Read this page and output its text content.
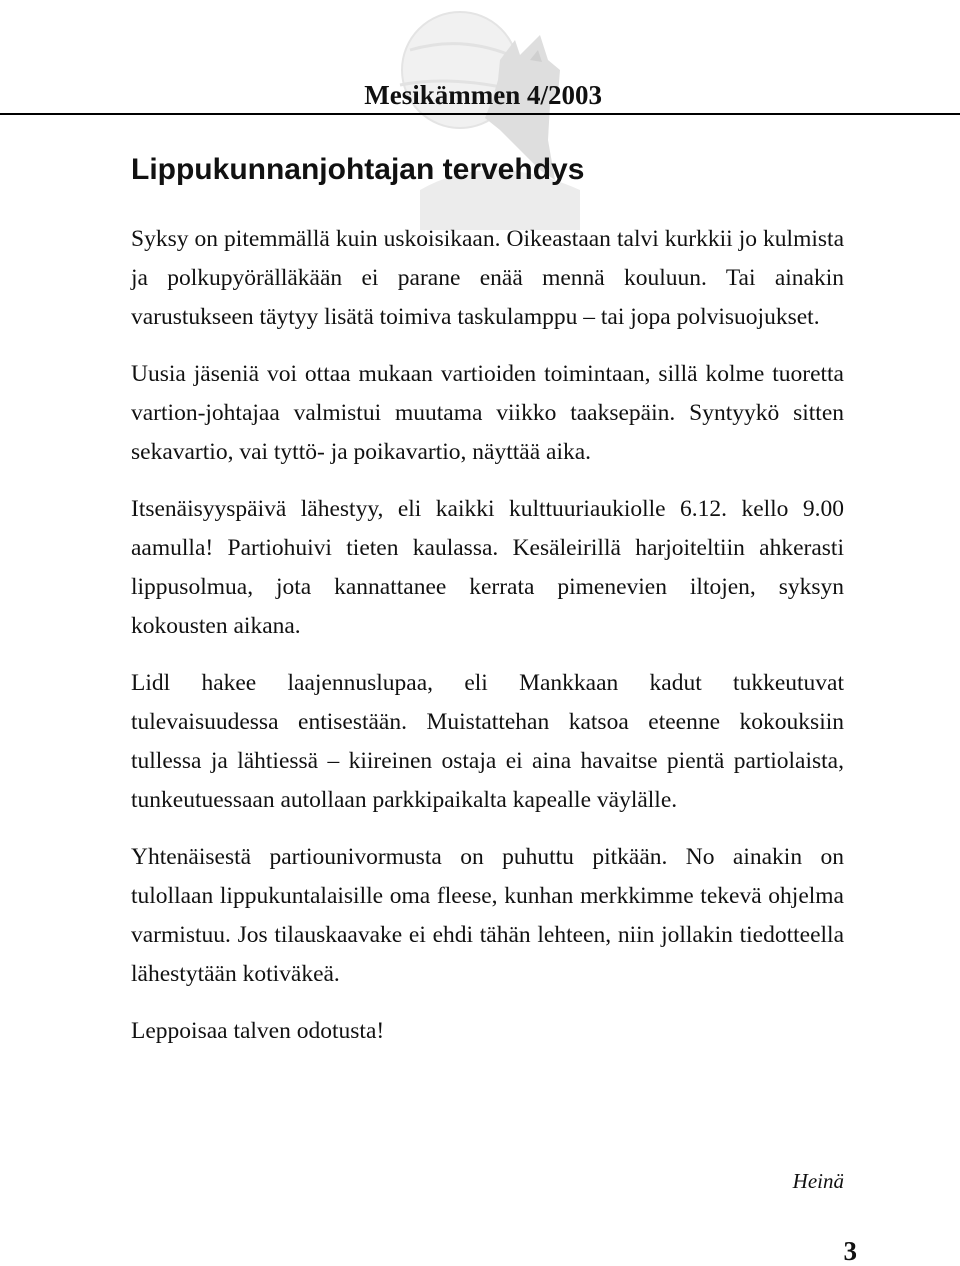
Mesikämmen 4/2003
Lippukunnanjohtajan tervehdys

Syksy on pitemmällä kuin uskoisikaan. Oikeastaan talvi kurkkii jo kulmista ja polkupyörälläkään ei parane enää mennä kouluun. Tai ainakin varustukseen täytyy lisätä toimiva taskulamppu – tai jopa polvisuojukset.

Uusia jäseniä voi ottaa mukaan vartioiden toimintaan, sillä kolme tuoretta vartion-johtajaa valmistui muutama viikko taaksepäin. Syntyykö sitten sekavartio, vai tyttö- ja poikavartio, näyttää aika.

Itsenäisyyspäivä lähestyy, eli kaikki kulttuuriaukiolle 6.12. kello 9.00 aamulla! Partiohuivi tieten kaulassa. Kesäleirillä harjoiteltiin ahkerasti lippusolmua, jota kannattanee kerrata pimenevien iltojen, syksyn kokousten aikana.

Lidl hakee laajennuslupaa, eli Mankkaan kadut tukkeutuvat tulevaisuudessa entisestään. Muistattehan katsoa eteenne kokouksiin tullessa ja lähtiessä – kiireinen ostaja ei aina havaitse pientä partiolaista, tunkeutuessaan autollaan parkkipaikalta kapealle väylälle.

Yhtenäisestä partiounivormusta on puhuttu pitkään. No ainakin on tulollaan lippukuntalaisille oma fleese, kunhan merkkimme tekevä ohjelma varmistuu. Jos tilauskaavake ei ehdi tähän lehteen, niin jollakin tiedotteella lähestytään kotiväkeä.

Leppoisaa talven odotusta!

Heinä
3
